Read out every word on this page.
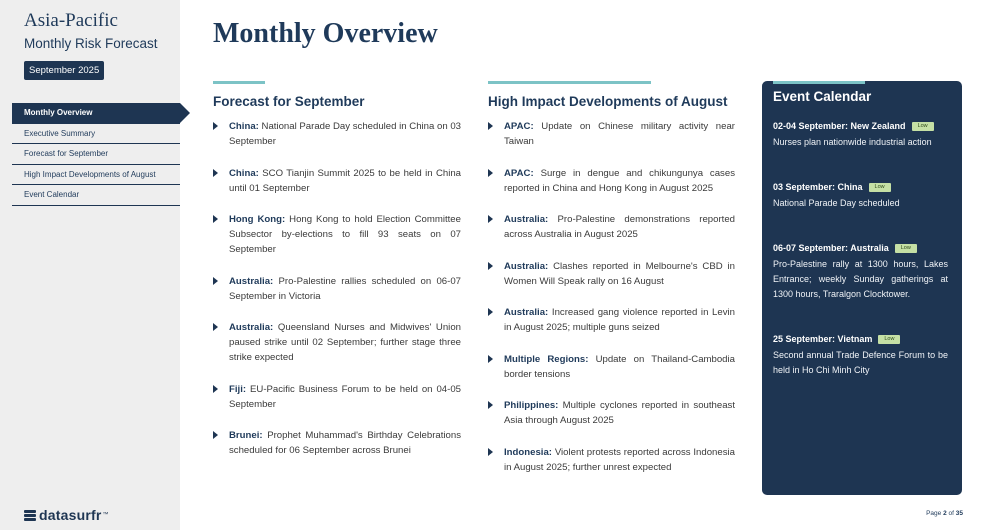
Asia-Pacific
Monthly Risk Forecast
September 2025
Monthly Overview
Executive Summary
Forecast for September
High Impact Developments of August
Event Calendar
datasurfr ™
Monthly Overview
Forecast for September
China: National Parade Day scheduled in China on 03 September
China: SCO Tianjin Summit 2025 to be held in China until 01 September
Hong Kong: Hong Kong to hold Election Committee Subsector by-elections to fill 93 seats on 07 September
Australia: Pro-Palestine rallies scheduled on 06-07 September in Victoria
Australia: Queensland Nurses and Midwives' Union paused strike until 02 September; further stage three strike expected
Fiji: EU-Pacific Business Forum to be held on 04-05 September
Brunei: Prophet Muhammad's Birthday Celebrations scheduled for 06 September across Brunei
High Impact Developments of August
APAC: Update on Chinese military activity near Taiwan
APAC: Surge in dengue and chikungunya cases reported in China and Hong Kong in August 2025
Australia: Pro-Palestine demonstrations reported across Australia in August 2025
Australia: Clashes reported in Melbourne's CBD in Women Will Speak rally on 16 August
Australia: Increased gang violence reported in Levin in August 2025; multiple guns seized
Multiple Regions: Update on Thailand-Cambodia border tensions
Philippines: Multiple cyclones reported in southeast Asia through August 2025
Indonesia: Violent protests reported across Indonesia in August 2025; further unrest expected
Event Calendar
02-04 September: New Zealand	Low
Nurses plan nationwide industrial action
03 September: China	Low
National Parade Day scheduled
06-07 September: Australia	Low
Pro-Palestine rally at 1300 hours, Lakes Entrance; weekly Sunday gatherings at 1300 hours, Traralgon Clocktower.
25 September: Vietnam	Low
Second annual Trade Defence Forum to be held in Ho Chi Minh City
Page 2 of 35
